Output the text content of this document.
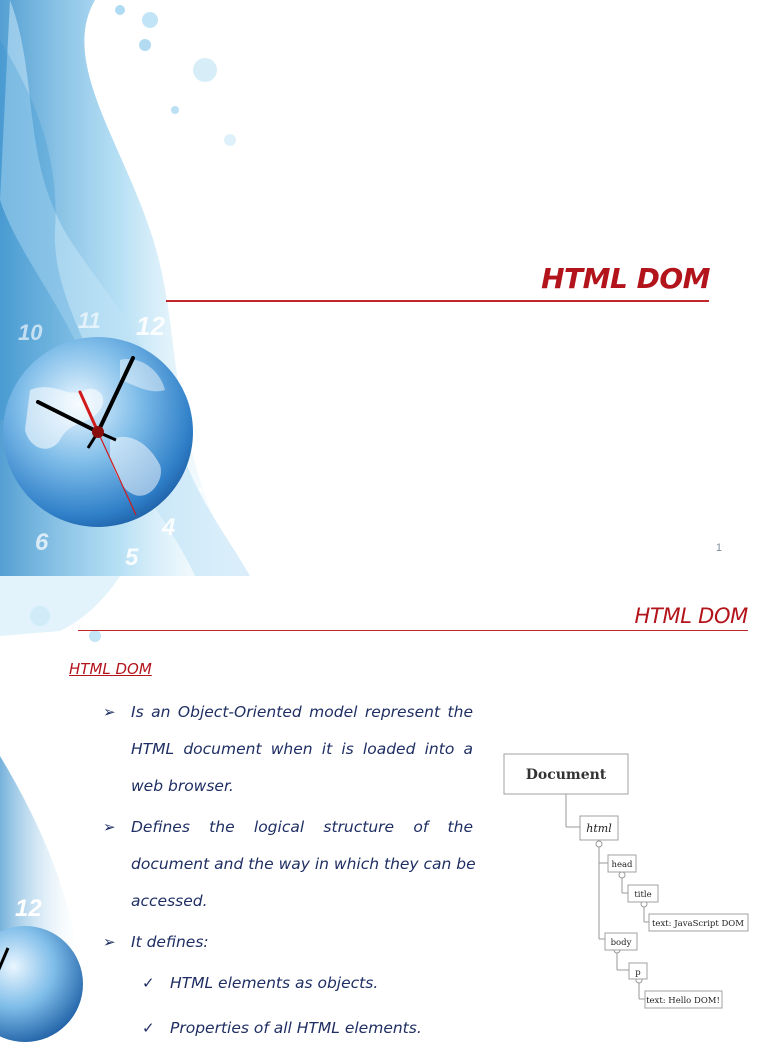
12
11
10
1
2
3
4
5
6
HTML DOM
1
12
HTML DOM
HTML DOM
➢ Is an Object-Oriented model represent the
HTML document when it is loaded into a
web browser.
➢ Defines the logical structure of the
document and the way in which they can be
accessed.
➢ It defines:
✓ HTML elements as objects.
✓ Properties of all HTML elements.
Document
html
head
title
text: JavaScript DOM
body
p
text: Hello DOM!
